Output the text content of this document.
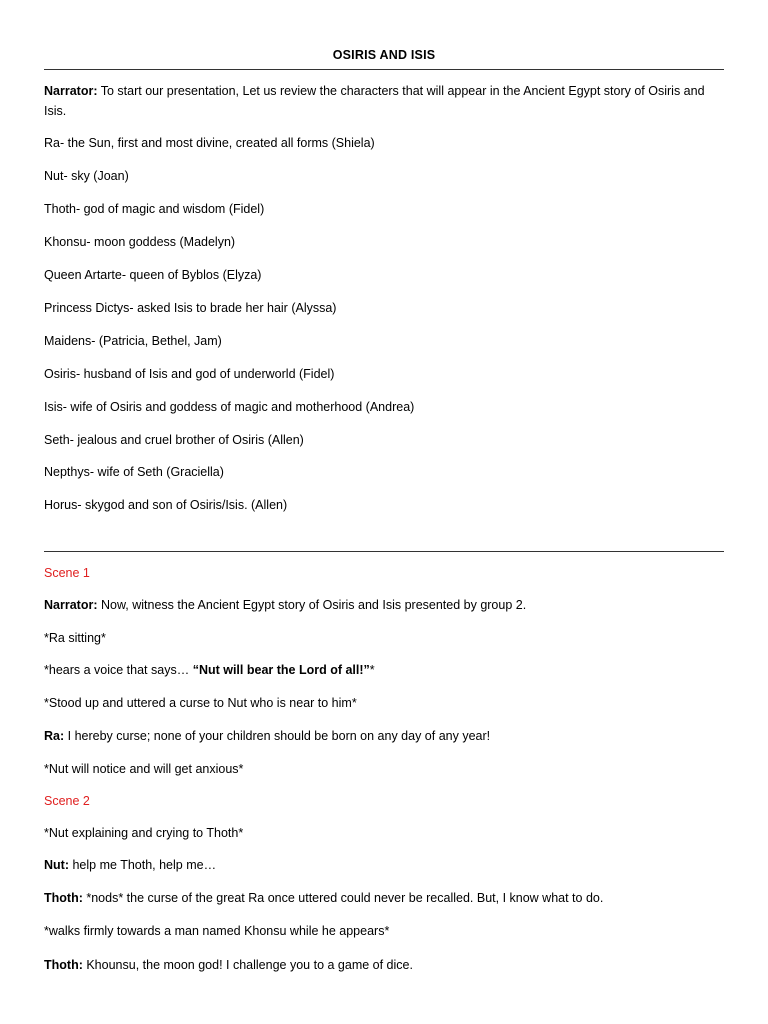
OSIRIS AND ISIS
Narrator: To start our presentation, Let us review the characters that will appear in the Ancient Egypt story of Osiris and Isis.
Ra- the Sun, first and most divine, created all forms (Shiela)
Nut- sky (Joan)
Thoth- god of magic and wisdom (Fidel)
Khonsu- moon goddess (Madelyn)
Queen Artarte- queen of Byblos (Elyza)
Princess Dictys- asked Isis to brade her hair (Alyssa)
Maidens- (Patricia, Bethel, Jam)
Osiris- husband of Isis and god of underworld (Fidel)
Isis- wife of Osiris and goddess of magic and motherhood (Andrea)
Seth- jealous and cruel brother of Osiris (Allen)
Nepthys- wife of Seth (Graciella)
Horus- skygod and son of Osiris/Isis. (Allen)
Scene 1
Narrator: Now, witness the Ancient Egypt story of Osiris and Isis presented by group 2.
*Ra sitting*
*hears a voice that says… “Nut will bear the Lord of all!”*
*Stood up and uttered a curse to Nut who is near to him*
Ra: I hereby curse; none of your children should be born on any day of any year!
*Nut will notice and will get anxious*
Scene 2
*Nut explaining and crying to Thoth*
Nut: help me Thoth, help me…
Thoth: *nods* the curse of the great Ra once uttered could never be recalled. But, I know what to do.
*walks firmly towards a man named Khonsu while he appears*
Thoth: Khounsu, the moon god! I challenge you to a game of dice.
